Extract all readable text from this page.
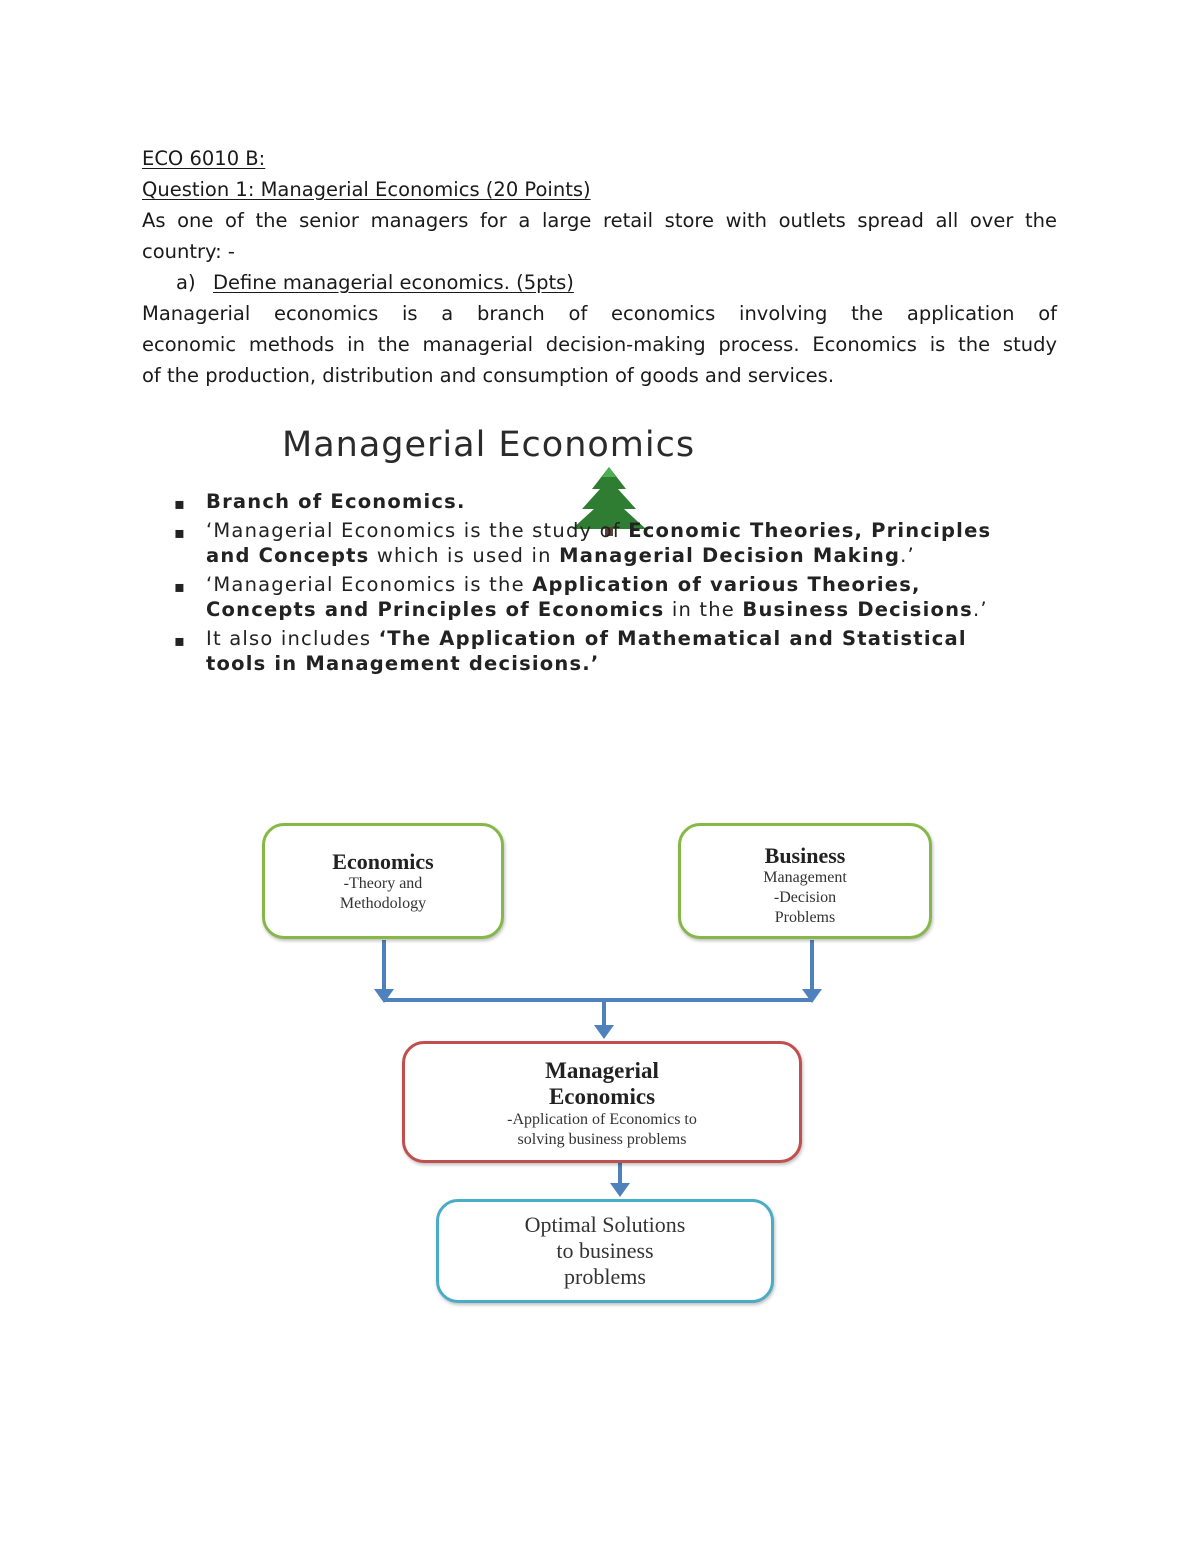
ECO 6010 B:
Question 1: Managerial Economics (20 Points)
As one of the senior managers for a large retail store with outlets spread all over the
country: -
a) Define managerial economics. (5pts)
Managerial economics is a branch of economics involving the application of
economic methods in the managerial decision-making process. Economics is the study
of the production, distribution and consumption of goods and services.
Managerial Economics
▪ Branch of Economics.
▪ ‘Managerial Economics is the study of Economic Theories, Principles and Concepts which is used in Managerial Decision Making.’
▪ ‘Managerial Economics is the Application of various Theories, Concepts and Principles of Economics in the Business Decisions.’
▪ It also includes ‘The Application of Mathematical and Statistical tools in Management decisions.’
Economics
-Theory and
Methodology
Business
Management
-Decision
Problems
Managerial
Economics
-Application of Economics to
solving business problems
Optimal Solutions
to business
problems
